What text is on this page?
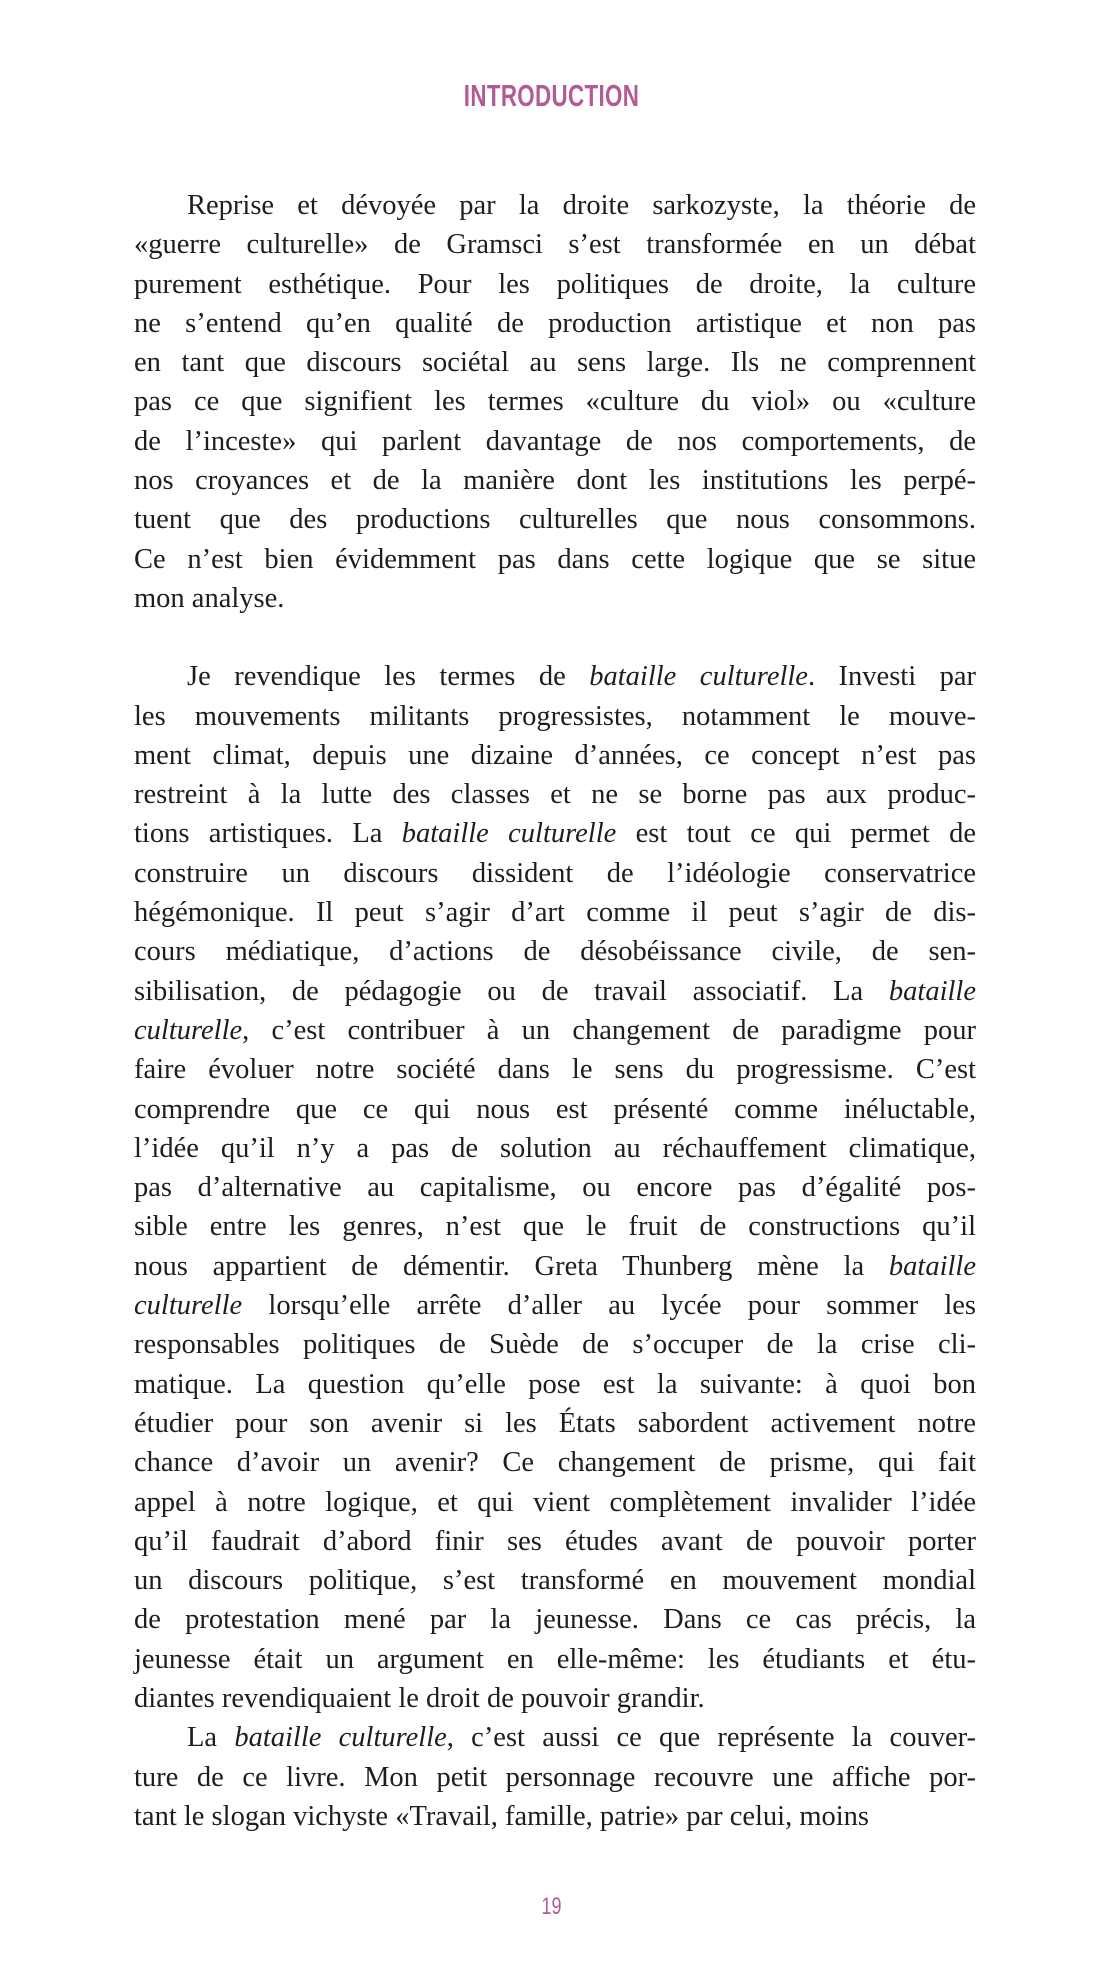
INTRODUCTION
Reprise et dévoyée par la droite sarkozyste, la théorie de
«guerre culturelle» de Gramsci s’est transformée en un débat
purement esthétique. Pour les politiques de droite, la culture
ne s’entend qu’en qualité de production artistique et non pas
en tant que discours sociétal au sens large. Ils ne comprennent
pas ce que signifient les termes «culture du viol» ou «culture
de l’inceste» qui parlent davantage de nos comportements, de
nos croyances et de la manière dont les institutions les perpé-
tuent que des productions culturelles que nous consommons.
Ce n’est bien évidemment pas dans cette logique que se situe
mon analyse.
Je revendique les termes de bataille culturelle. Investi par
les mouvements militants progressistes, notamment le mouve-
ment climat, depuis une dizaine d’années, ce concept n’est pas
restreint à la lutte des classes et ne se borne pas aux produc-
tions artistiques. La bataille culturelle est tout ce qui permet de
construire un discours dissident de l’idéologie conservatrice
hégémonique. Il peut s’agir d’art comme il peut s’agir de dis-
cours médiatique, d’actions de désobéissance civile, de sen-
sibilisation, de pédagogie ou de travail associatif. La bataille
culturelle, c’est contribuer à un changement de paradigme pour
faire évoluer notre société dans le sens du progressisme. C’est
comprendre que ce qui nous est présenté comme inéluctable,
l’idée qu’il n’y a pas de solution au réchauffement climatique,
pas d’alternative au capitalisme, ou encore pas d’égalité pos-
sible entre les genres, n’est que le fruit de constructions qu’il
nous appartient de démentir. Greta Thunberg mène la bataille
culturelle lorsqu’elle arrête d’aller au lycée pour sommer les
responsables politiques de Suède de s’occuper de la crise cli-
matique. La question qu’elle pose est la suivante: à quoi bon
étudier pour son avenir si les États sabordent activement notre
chance d’avoir un avenir? Ce changement de prisme, qui fait
appel à notre logique, et qui vient complètement invalider l’idée
qu’il faudrait d’abord finir ses études avant de pouvoir porter
un discours politique, s’est transformé en mouvement mondial
de protestation mené par la jeunesse. Dans ce cas précis, la
jeunesse était un argument en elle-même: les étudiants et étu-
diantes revendiquaient le droit de pouvoir grandir.
La bataille culturelle, c’est aussi ce que représente la couver-
ture de ce livre. Mon petit personnage recouvre une affiche por-
tant le slogan vichyste «Travail, famille, patrie» par celui, moins
19
